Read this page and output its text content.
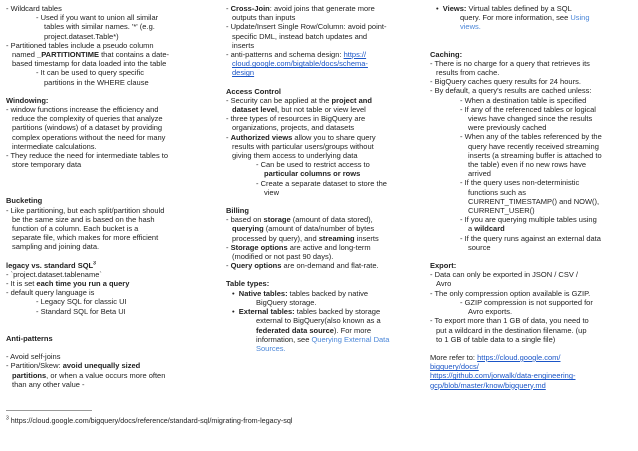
- Wildcard tables
- Used if you want to union all similar
tables with similar names. '*' (e.g.
project.dataset.Table*)
- Partitioned tables include a pseudo column
named _PARTITIONTIME that contains a date-
based timestamp for data loaded into the table
- It can be used to query specific
partitions in the WHERE clause
Windowing:
- window functions increase the efficiency and
reduce the complexity of queries that analyze
partitions (windows) of a dataset by providing
complex operations without the need for many
intermediate calculations.
- They reduce the need for intermediate tables to
store temporary data
Bucketing
- Like partitioning, but each split/partition should
be the same size and is based on the hash
function of a column. Each bucket is a
separate file, which makes for more efficient
sampling and joining data.
legacy vs. standard SQL$^3$
- `project.dataset.tablename`
- It is set each time you run a query
- default query language is
- Legacy SQL for classic UI
- Standard SQL for Beta UI
Anti-patterns
- Avoid self-joins
- Partition/Skew: avoid unequally sized
partitions, or when a value occurs more often
than any other value -
$^3$ https://cloud.google.com/bigquery/docs/reference/standard-sql/migrating-from-legacy-sql
- Cross-Join: avoid joins that generate more
outputs than inputs
- Update/Insert Single Row/Column: avoid point-
specific DML, instead batch updates and
inserts
- anti-patterns and schema design: https://
cloud.google.com/bigtable/docs/schema-
design
Access Control
- Security can be applied at the project and
dataset level, but not table or view level
- three types of resources in BigQuery are
organizations, projects, and datasets
- Authorized views allow you to share query
results with particular users/groups without
giving them access to underlying data
- Can be used to restrict access to
particular columns or rows
- Create a separate dataset to store the
view
Billing
- based on storage (amount of data stored),
querying (amount of data/number of bytes
processed by query), and streaming inserts
- Storage options are active and long-term
(modified or not past 90 days).
- Query options are on-demand and flat-rate.
Table types:
•  Native tables: tables backed by native
BigQuery storage.
•  External tables: tables backed by storage
external to BigQuery(also known as a
federated data source). For more
information, see Querying External Data
Sources.
•  Views: Virtual tables defined by a SQL
query. For more information, see Using
views.
Caching:
- There is no charge for a query that retrieves its
results from cache.
- BigQuery caches query results for 24 hours.
- By default, a query's results are cached unless:
- When a destination table is specified
- If any of the referenced tables or logical
views have changed since the results
were previously cached
- When any of the tables referenced by the
query have recently received streaming
inserts (a streaming buffer is attached to
the table) even if no new rows have
arrived
- If the query uses non-deterministic
functions such as
CURRENT_TIMESTAMP() and NOW(),
CURRENT_USER()
- If you are querying multiple tables using
a wildcard
- If the query runs against an external data
source
Export:
- Data can only be exported in JSON / CSV /
Avro
- The only compression option available is GZIP.
- GZIP compression is not supported for
Avro exports.
- To export more than 1 GB of data, you need to
put a wildcard in the destination filename. (up
to 1 GB of table data to a single file)
More refer to: https://cloud.google.com/
bigquery/docs/
https://github.com/jorwalk/data-engineering-
gcp/blob/master/know/bigquery.md
